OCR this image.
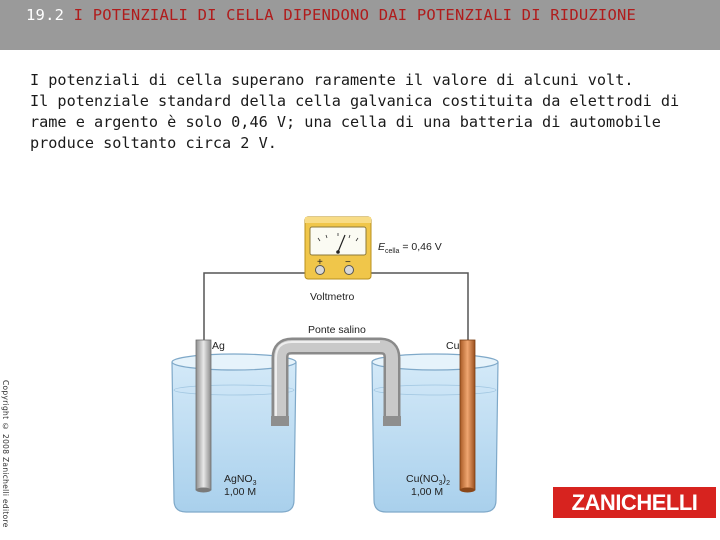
19.2 I POTENZIALI DI CELLA DIPENDONO DAI POTENZIALI DI RIDUZIONE

I potenziali di cella superano raramente il valore di alcuni volt.

Il potenziale standard della cella galvanica costituita da elettrodi di rame e argento è solo 0,46 V; una cella di una batteria di automobile produce soltanto circa 2 V.

Copyright © 2008 Zanichelli editore
+ −
Voltmetro
$E_{cella} = 0,46$ V
Ponte salino
Ag	Cu
AgNO$_3$
1,00 M
$Cu(NO_3)_2$
1,00 M	ZANICHELLI
